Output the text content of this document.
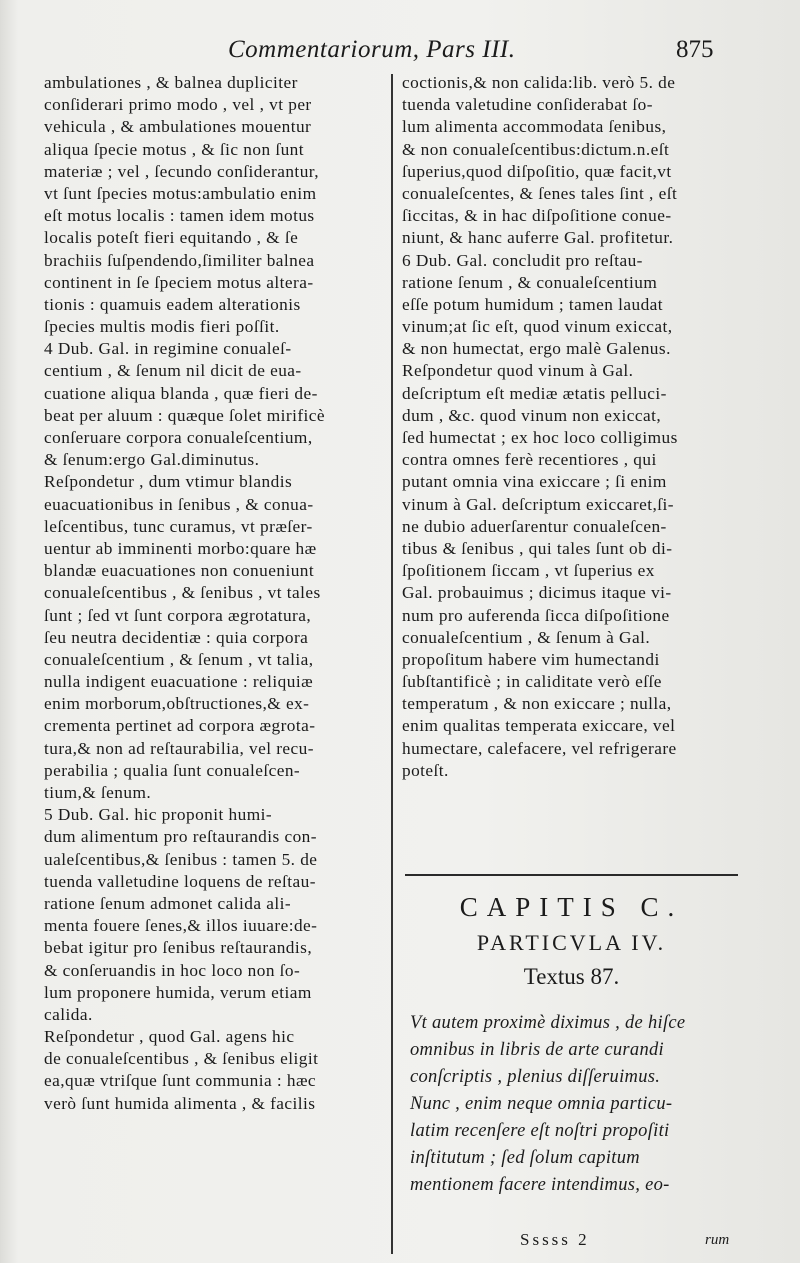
Commentariorum, Pars III.	875
ambulationes , & balnea dupliciter
conſiderari primo modo , vel , vt per
vehicula , & ambulationes mouentur
aliqua ſpecie motus , & ſic non ſunt
materiæ ; vel , ſecundo conſiderantur,
vt ſunt ſpecies motus:ambulatio enim
eſt motus localis : tamen idem motus
localis poteſt fieri equitando , & ſe
brachiis ſuſpendendo,ſimiliter balnea
continent in ſe ſpeciem motus altera-
tionis : quamuis eadem alterationis
ſpecies multis modis fieri poſſit.
4 Dub. Gal. in regimine conualeſ-
centium , & ſenum nil dicit de eua-
cuatione aliqua blanda , quæ fieri de-
beat per aluum : quæque ſolet mirificè
conſeruare corpora conualeſcentium,
& ſenum:ergo Gal.diminutus.
Reſpondetur , dum vtimur blandis
euacuationibus in ſenibus , & conua-
leſcentibus, tunc curamus, vt præſer-
uentur ab imminenti morbo:quare hæ
blandæ euacuationes non conueniunt
conualeſcentibus , & ſenibus , vt tales
ſunt ; ſed vt ſunt corpora ægrotatura,
ſeu neutra decidentiæ : quia corpora
conualeſcentium , & ſenum , vt talia,
nulla indigent euacuatione : reliquiæ
enim morborum,obſtructiones,& ex-
crementa pertinet ad corpora ægrota-
tura,& non ad reſtaurabilia, vel recu-
perabilia ; qualia ſunt conualeſcen-
tium,& ſenum.
5 Dub. Gal. hic proponit humi-
dum alimentum pro reſtaurandis con-
ualeſcentibus,& ſenibus : tamen 5. de
tuenda valletudine loquens de reſtau-
ratione ſenum admonet calida ali-
menta fouere ſenes,& illos iuuare:de-
bebat igitur pro ſenibus reſtaurandis,
& conſeruandis in hoc loco non ſo-
lum proponere humida, verum etiam
calida.
Reſpondetur , quod Gal. agens hic
de conualeſcentibus , & ſenibus eligit
ea,quæ vtriſque ſunt communia : hæc
verò ſunt humida alimenta , & facilis
coctionis,& non calida:lib. verò 5. de
tuenda valetudine conſiderabat ſo-
lum alimenta accommodata ſenibus,
& non conualeſcentibus:dictum.n.eſt
ſuperius,quod diſpoſitio, quæ facit,vt
conualeſcentes, & ſenes tales ſint , eſt
ſiccitas, & in hac diſpoſitione conue-
niunt, & hanc auferre Gal. profitetur.
6 Dub. Gal. concludit pro reſtau-
ratione ſenum , & conualeſcentium
eſſe potum humidum ; tamen laudat
vinum;at ſic eſt, quod vinum exiccat,
& non humectat, ergo malè Galenus.
Reſpondetur quod vinum à Gal.
deſcriptum eſt mediæ ætatis pelluci-
dum , &c. quod vinum non exiccat,
ſed humectat ; ex hoc loco colligimus
contra omnes ferè recentiores , qui
putant omnia vina exiccare ; ſi enim
vinum à Gal. deſcriptum exiccaret,ſi-
ne dubio aduerſarentur conualeſcen-
tibus & ſenibus , qui tales ſunt ob di-
ſpoſitionem ſiccam , vt ſuperius ex
Gal. probauimus ; dicimus itaque vi-
num pro auferenda ſicca diſpoſitione
conualeſcentium , & ſenum à Gal.
propoſitum habere vim humectandi
ſubſtantificè ; in caliditate verò eſſe
temperatum , & non exiccare ; nulla,
enim qualitas temperata exiccare, vel
humectare, calefacere, vel refrigerare
poteſt.
CAPITIS C.
PARTICVLA IV.
Textus 87.
Vt autem proximè diximus , de hiſce
omnibus in libris de arte curandi
conſcriptis , plenius diſſeruimus.
Nunc , enim neque omnia particu-
latim recenſere eſt noſtri propoſiti
inſtitutum ; ſed ſolum capitum
mentionem facere intendimus, eo-
Sssss 2	rum
